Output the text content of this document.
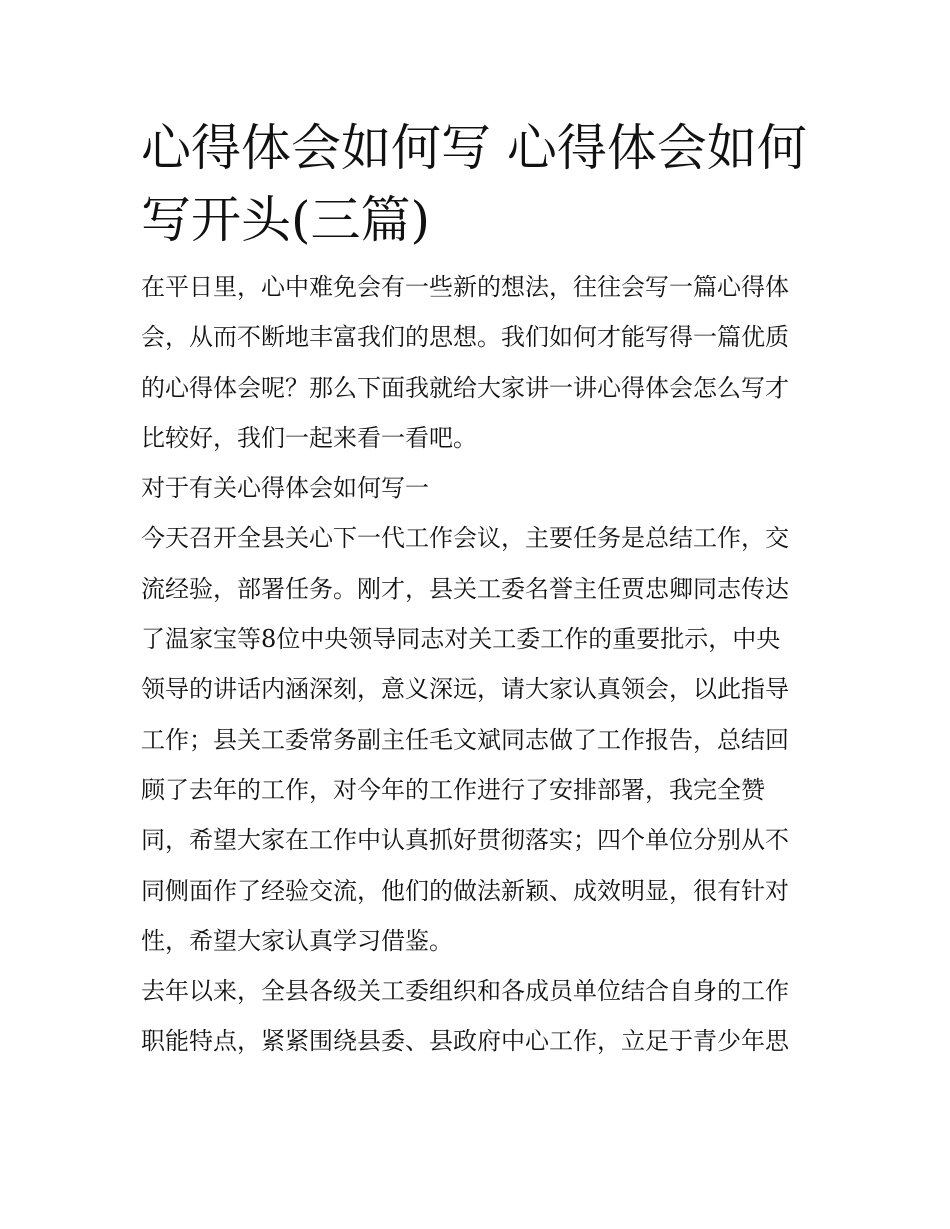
心得体会如何写 心得体会如何
写开头(三篇)

在平日里，心中难免会有一些新的想法，往往会写一篇心得体
会，从而不断地丰富我们的思想。我们如何才能写得一篇优质
的心得体会呢？那么下面我就给大家讲一讲心得体会怎么写才
比较好，我们一起来看一看吧。

对于有关心得体会如何写一

今天召开全县关心下一代工作会议，主要任务是总结工作，交
流经验，部署任务。刚才，县关工委名誉主任贾忠卿同志传达
了温家宝等8位中央领导同志对关工委工作的重要批示，中央
领导的讲话内涵深刻，意义深远，请大家认真领会，以此指导
工作；县关工委常务副主任毛文斌同志做了工作报告，总结回
顾了去年的工作，对今年的工作进行了安排部署，我完全赞
同，希望大家在工作中认真抓好贯彻落实；四个单位分别从不
同侧面作了经验交流，他们的做法新颖、成效明显，很有针对
性，希望大家认真学习借鉴。

去年以来，全县各级关工委组织和各成员单位结合自身的工作
职能特点，紧紧围绕县委、县政府中心工作，立足于青少年思
